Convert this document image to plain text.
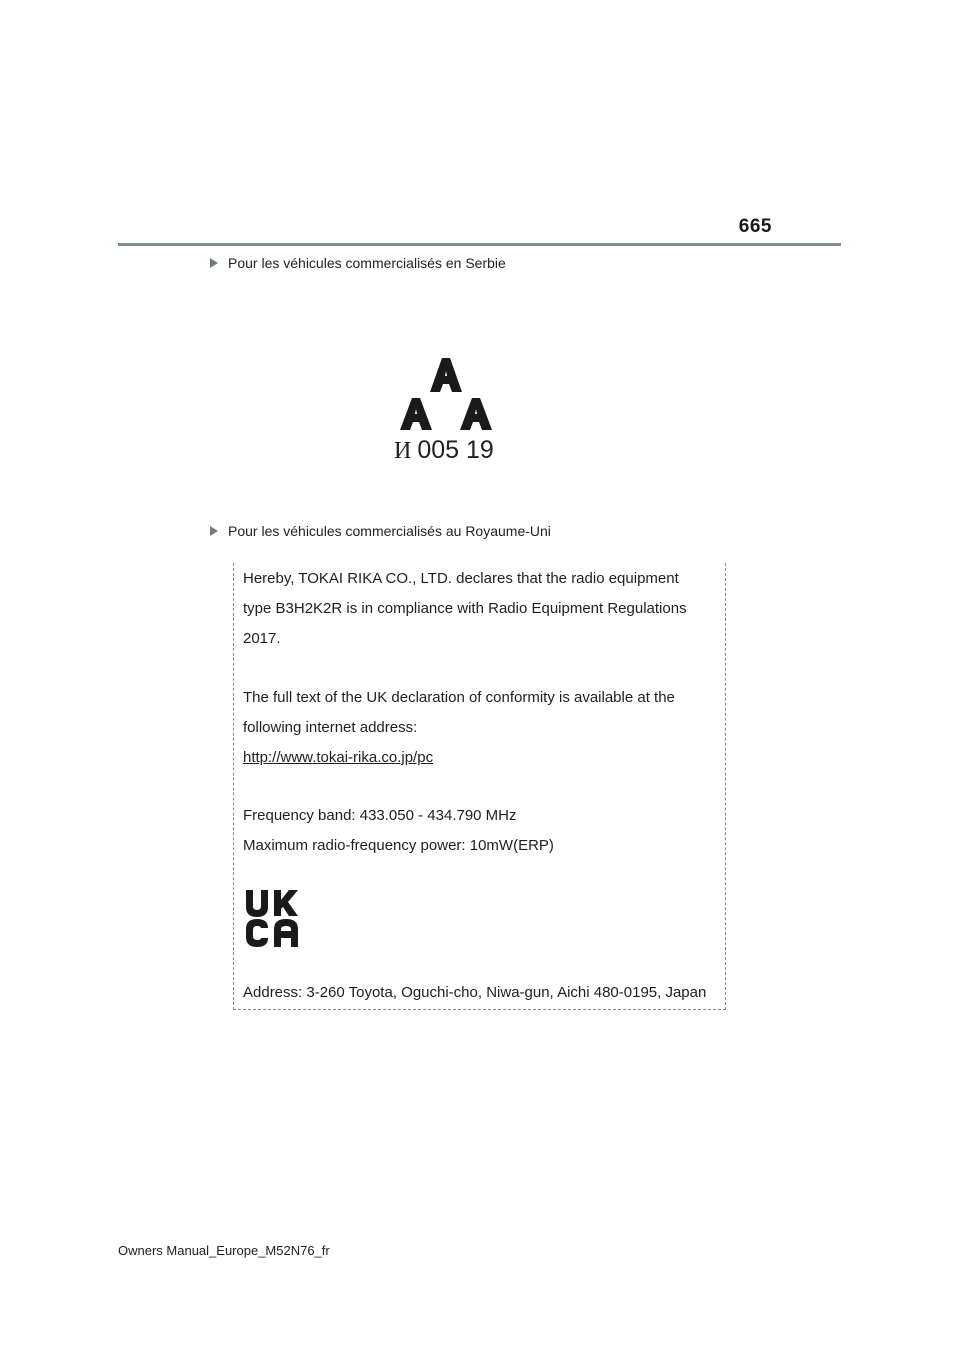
665
Pour les véhicules commercialisés en Serbie
И 005 19
Pour les véhicules commercialisés au Royaume-Uni
Hereby, TOKAI RIKA CO., LTD. declares that the radio equipment
type B3H2K2R is in compliance with Radio Equipment Regulations
2017.
The full text of the UK declaration of conformity is available at the
following internet address:
http://www.tokai-rika.co.jp/pc
Frequency band: 433.050 - 434.790 MHz
Maximum radio-frequency power: 10mW(ERP)
Address: 3-260 Toyota, Oguchi-cho, Niwa-gun, Aichi 480-0195, Japan
Owners Manual_Europe_M52N76_fr
